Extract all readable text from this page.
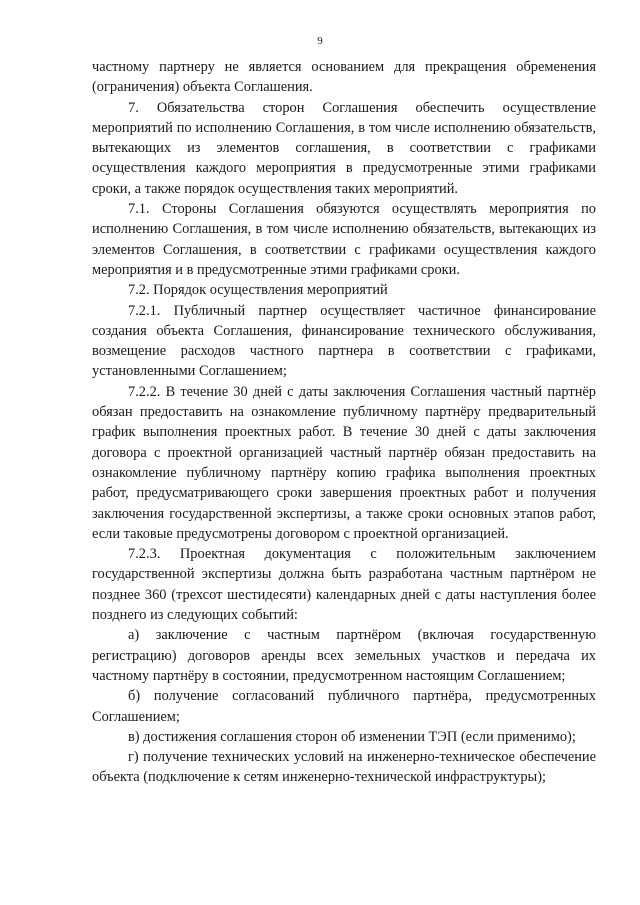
9

частному партнеру не является основанием для прекращения обременения (ограничения) объекта Соглашения.

7. Обязательства сторон Соглашения обеспечить осуществление мероприятий по исполнению Соглашения, в том числе исполнению обязательств, вытекающих из элементов соглашения, в соответствии с графиками осуществления каждого мероприятия в предусмотренные этими графиками сроки, а также порядок осуществления таких мероприятий.

7.1. Стороны Соглашения обязуются осуществлять мероприятия по исполнению Соглашения, в том числе исполнению обязательств, вытекающих из элементов Соглашения, в соответствии с графиками осуществления каждого мероприятия и в предусмотренные этими графиками сроки.

7.2. Порядок осуществления мероприятий

7.2.1. Публичный партнер осуществляет частичное финансирование создания объекта Соглашения, финансирование технического обслуживания, возмещение расходов частного партнера в соответствии с графиками, установленными Соглашением;

7.2.2. В течение 30 дней с даты заключения Соглашения частный партнёр обязан предоставить на ознакомление публичному партнёру предварительный график выполнения проектных работ. В течение 30 дней с даты заключения договора с проектной организацией частный партнёр обязан предоставить на ознакомление публичному партнёру копию графика выполнения проектных работ, предусматривающего сроки завершения проектных работ и получения заключения государственной экспертизы, а также сроки основных этапов работ, если таковые предусмотрены договором с проектной организацией.

7.2.3. Проектная документация с положительным заключением государственной экспертизы должна быть разработана частным партнёром не позднее 360 (трехсот шестидесяти) календарных дней с даты наступления более позднего из следующих событий:

а) заключение с частным партнёром (включая государственную регистрацию) договоров аренды всех земельных участков и передача их частному партнёру в состоянии, предусмотренном настоящим Соглашением;

б) получение согласований публичного партнёра, предусмотренных Соглашением;

в) достижения соглашения сторон об изменении ТЭП (если применимо);

г) получение технических условий на инженерно-техническое обеспечение объекта (подключение к сетям инженерно-технической инфраструктуры);
